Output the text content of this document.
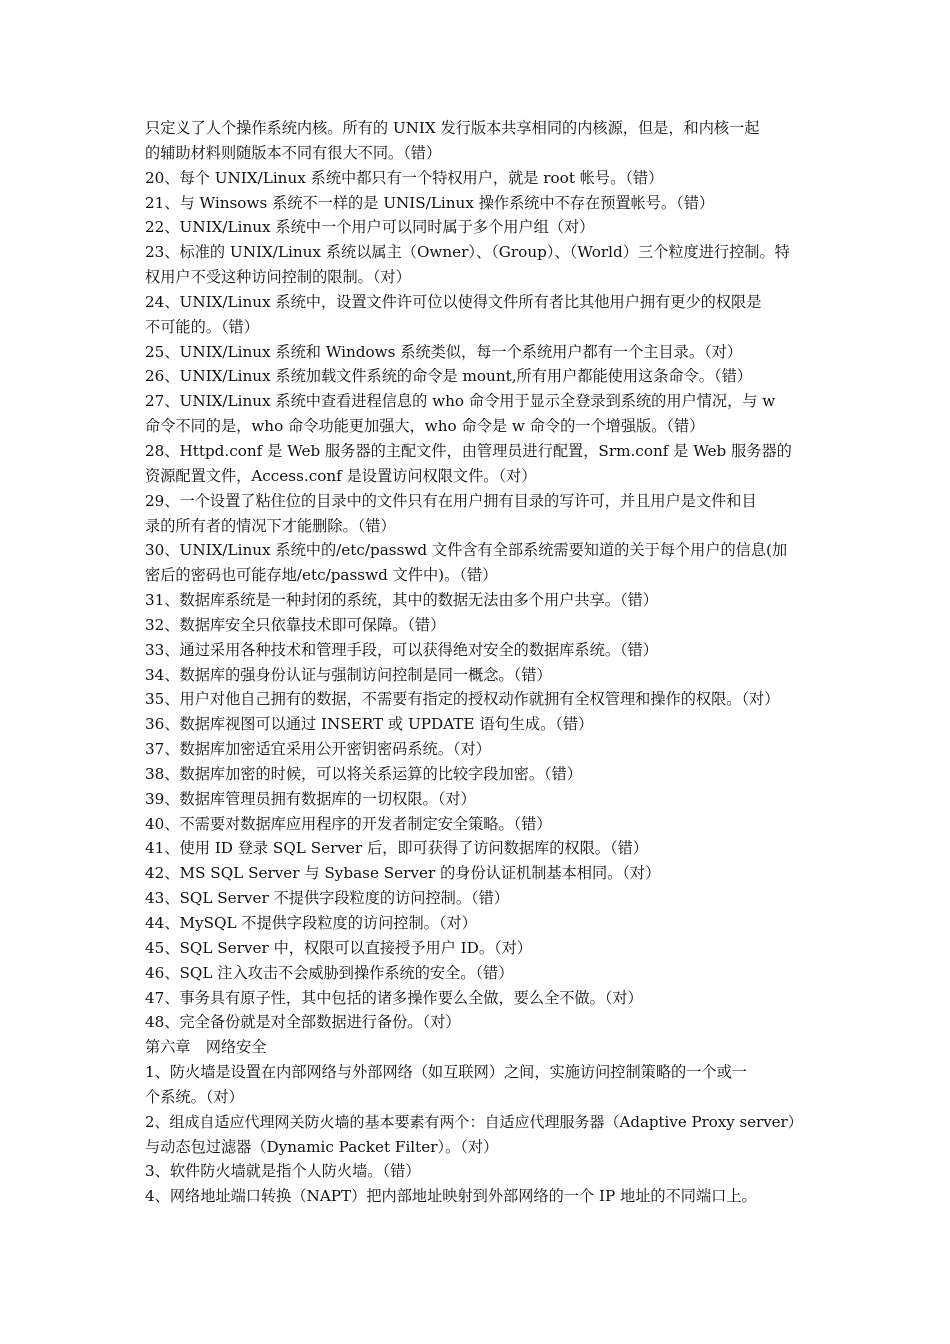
只定义了人个操作系统内核。所有的 UNIX 发行版本共享相同的内核源，但是，和内核一起
的辅助材料则随版本不同有很大不同。（错）
20、每个 UNIX/Linux 系统中都只有一个特权用户，就是 root 帐号。（错）
21、与 Winsows 系统不一样的是 UNIS/Linux 操作系统中不存在预置帐号。（错）
22、UNIX/Linux 系统中一个用户可以同时属于多个用户组（对）
23、标准的 UNIX/Linux 系统以属主（Owner）、（Group）、（World）三个粒度进行控制。特
权用户不受这种访问控制的限制。（对）
24、UNIX/Linux 系统中，设置文件许可位以使得文件所有者比其他用户拥有更少的权限是
不可能的。（错）
25、UNIX/Linux 系统和 Windows 系统类似，每一个系统用户都有一个主目录。（对）
26、UNIX/Linux 系统加载文件系统的命令是 mount,所有用户都能使用这条命令。（错）
27、UNIX/Linux 系统中查看进程信息的 who 命令用于显示全登录到系统的用户情况，与 w
命令不同的是，who 命令功能更加强大，who 命令是 w 命令的一个增强版。（错）
28、Httpd.conf 是 Web 服务器的主配文件，由管理员进行配置，Srm.conf 是 Web 服务器的
资源配置文件，Access.conf 是设置访问权限文件。（对）
29、一个设置了粘住位的目录中的文件只有在用户拥有目录的写许可，并且用户是文件和目
录的所有者的情况下才能删除。（错）
30、UNIX/Linux 系统中的/etc/passwd 文件含有全部系统需要知道的关于每个用户的信息(加
密后的密码也可能存地/etc/passwd 文件中)。（错）
31、数据库系统是一种封闭的系统，其中的数据无法由多个用户共享。（错）
32、数据库安全只依靠技术即可保障。（错）
33、通过采用各种技术和管理手段，可以获得绝对安全的数据库系统。（错）
34、数据库的强身份认证与强制访问控制是同一概念。（错）
35、用户对他自己拥有的数据，不需要有指定的授权动作就拥有全权管理和操作的权限。（对）
36、数据库视图可以通过 INSERT 或 UPDATE 语句生成。（错）
37、数据库加密适宜采用公开密钥密码系统。（对）
38、数据库加密的时候，可以将关系运算的比较字段加密。（错）
39、数据库管理员拥有数据库的一切权限。（对）
40、不需要对数据库应用程序的开发者制定安全策略。（错）
41、使用 ID 登录 SQL Server 后，即可获得了访问数据库的权限。（错）
42、MS SQL Server 与 Sybase Server 的身份认证机制基本相同。（对）
43、SQL Server 不提供字段粒度的访问控制。（错）
44、MySQL 不提供字段粒度的访问控制。（对）
45、SQL Server 中，权限可以直接授予用户 ID。（对）
46、SQL 注入攻击不会威胁到操作系统的安全。（错）
47、事务具有原子性，其中包括的诸多操作要么全做，要么全不做。（对）
48、完全备份就是对全部数据进行备份。（对）
第六章　网络安全
1、防火墙是设置在内部网络与外部网络（如互联网）之间，实施访问控制策略的一个或一
个系统。（对）
2、组成自适应代理网关防火墙的基本要素有两个：自适应代理服务器（Adaptive Proxy server）
与动态包过滤器（Dynamic Packet Filter）。（对）
3、软件防火墙就是指个人防火墙。（错）
4、网络地址端口转换（NAPT）把内部地址映射到外部网络的一个 IP 地址的不同端口上。
